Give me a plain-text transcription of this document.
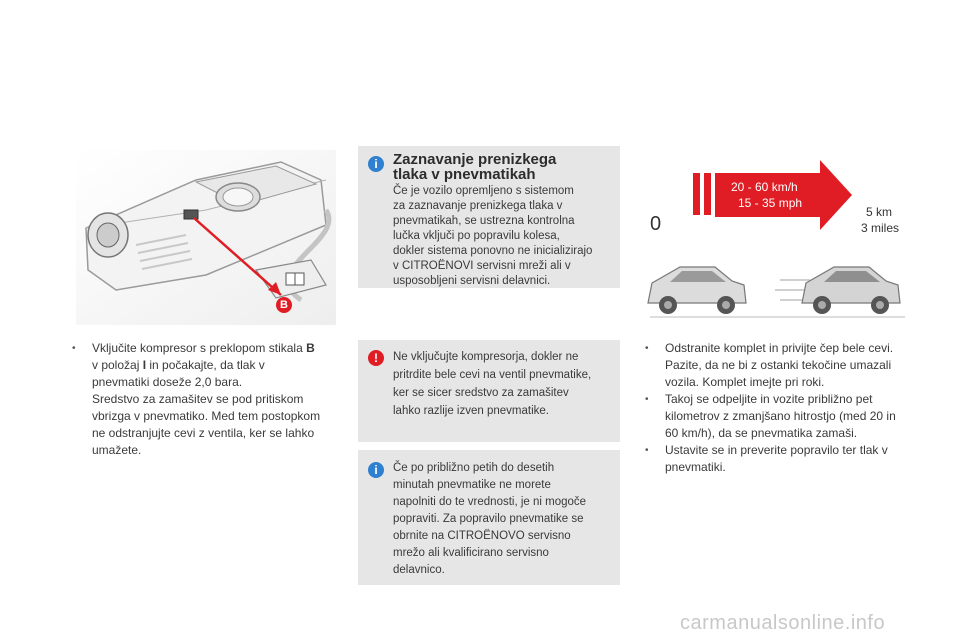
B
• Vključite kompresor s preklopom stikala B
v položaj I in počakajte, da tlak v
pnevmatiki doseže 2,0 bara.
Sredstvo za zamašitev se pod pritiskom
vbrizga v pnevmatiko. Med tem postopkom
ne odstranjujte cevi z ventila, ker se lahko
umažete.
i	Zaznavanje prenizkega
tlaka v pnevmatikah
Če je vozilo opremljeno s sistemom
za zaznavanje prenizkega tlaka v
pnevmatikah, se ustrezna kontrolna
lučka vključi po popravilu kolesa,
dokler sistema ponovno ne inicializirajo
v CITROËNOVI servisni mreži ali v
usposobljeni servisni delavnici.
!	Ne vključujte kompresorja, dokler ne
pritrdite bele cevi na ventil pnevmatike,
ker se sicer sredstvo za zamašitev
lahko razlije izven pnevmatike.
i	Če po približno petih do desetih
minutah pnevmatike ne morete
napolniti do te vrednosti, je ni mogoče
popraviti. Za popravilo pnevmatike se
obrnite na CITROËNOVO servisno
mrežo ali kvalificirano servisno
delavnico.
20 - 60 km/h
15 - 35 mph
0
5 km
3 miles
• Odstranite komplet in privijte čep bele cevi.
Pazite, da ne bi z ostanki tekočine umazali
vozila. Komplet imejte pri roki.
• Takoj se odpeljite in vozite približno pet
kilometrov z zmanjšano hitrostjo (med 20 in
60 km/h), da se pnevmatika zamaši.
• Ustavite se in preverite popravilo ter tlak v
pnevmatiki.
carmanualsonline.info
